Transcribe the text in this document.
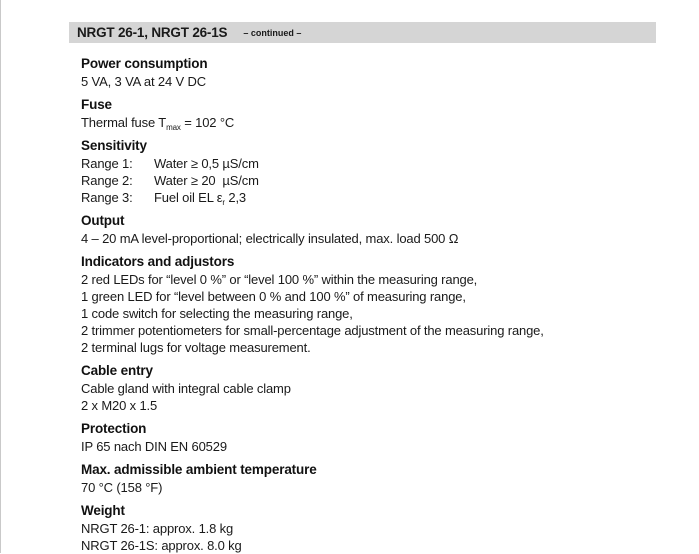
NRGT 26-1, NRGT 26-1S – continued –
Power consumption
5 VA, 3 VA at 24 V DC
Fuse
Thermal fuse $T_{max} = 102$ °C
Sensitivity
Range 1: Water ≥ 0,5 µS/cm
Range 2: Water ≥ 20  µS/cm
Range 3: Fuel oil EL $\varepsilon_r$ 2,3
Output
4 – 20 mA level-proportional; electrically insulated, max. load 500 Ω
Indicators and adjustors
2 red LEDs for “level 0 %” or “level 100 %” within the measuring range,
1 green LED for “level between 0 % and 100 %” of measuring range,
1 code switch for selecting the measuring range,
2 trimmer potentiometers for small-percentage adjustment of the measuring range,
2 terminal lugs for voltage measurement.
Cable entry
Cable gland with integral cable clamp
2 x M20 x 1.5
Protection
IP 65 nach DIN EN 60529
Max. admissible ambient temperature
70 °C (158 °F)
Weight
NRGT 26-1: approx. 1.8 kg
NRGT 26-1S: approx. 8.0 kg
